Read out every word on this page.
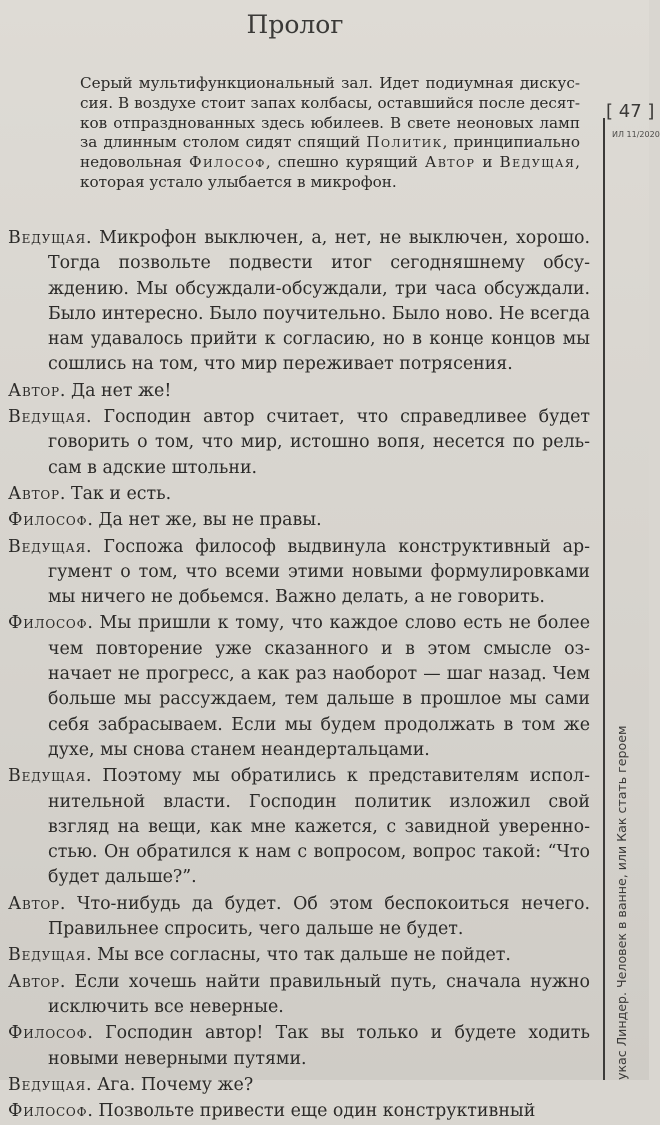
Пролог
Серый мультифункциональный зал. Идет подиумная дискуссия. В воздухе стоит запах колбасы, оставшийся после десятков отпразднованных здесь юбилеев. В свете неоновых ламп за длинным столом сидят спящий Политик, принципиально недовольная Философ, спешно курящий Автор и Ведущая, которая устало улыбается в микрофон.

Ведущая. Микрофон выключен, а, нет, не выключен, хорошо. Тогда позвольте подвести итог сегодняшнему обсуждению. Мы обсуждали-обсуждали, три часа обсуждали. Было интересно. Было поучительно. Было ново. Не всегда нам удавалось прийти к согласию, но в конце концов мы сошлись на том, что мир переживает потрясения.

Автор. Да нет же!

Ведущая. Господин автор считает, что справедливее будет говорить о том, что мир, истошно вопя, несется по рельсам в адские штольни.

Автор. Так и есть.

Философ. Да нет же, вы не правы.

Ведущая. Госпожа философ выдвинула конструктивный аргумент о том, что всеми этими новыми формулировками мы ничего не добьемся. Важно делать, а не говорить.

Философ. Мы пришли к тому, что каждое слово есть не более чем повторение уже сказанного и в этом смысле означает не прогресс, а как раз наоборот — шаг назад. Чем больше мы рассуждаем, тем дальше в прошлое мы сами себя забрасываем. Если мы будем продолжать в том же духе, мы снова станем неандертальцами.

Ведущая. Поэтому мы обратились к представителям исполнительной власти. Господин политик изложил свой взгляд на вещи, как мне кажется, с завидной уверенностью. Он обратился к нам с вопросом, вопрос такой: “Что будет дальше?”.

Автор. Что-нибудь да будет. Об этом беспокоиться нечего. Правильнее спросить, чего дальше не будет.

Ведущая. Мы все согласны, что так дальше не пойдет.

Автор. Если хочешь найти правильный путь, сначала нужно исключить все неверные.

Философ. Господин автор! Так вы только и будете ходить новыми неверными путями.

Ведущая. Ага. Почему же?

Философ. Позвольте привести еще один конструктивный

[ 47 ]
ИЛ 11/2020
укас Линдер. Человек в ванне, или Как стать героем
